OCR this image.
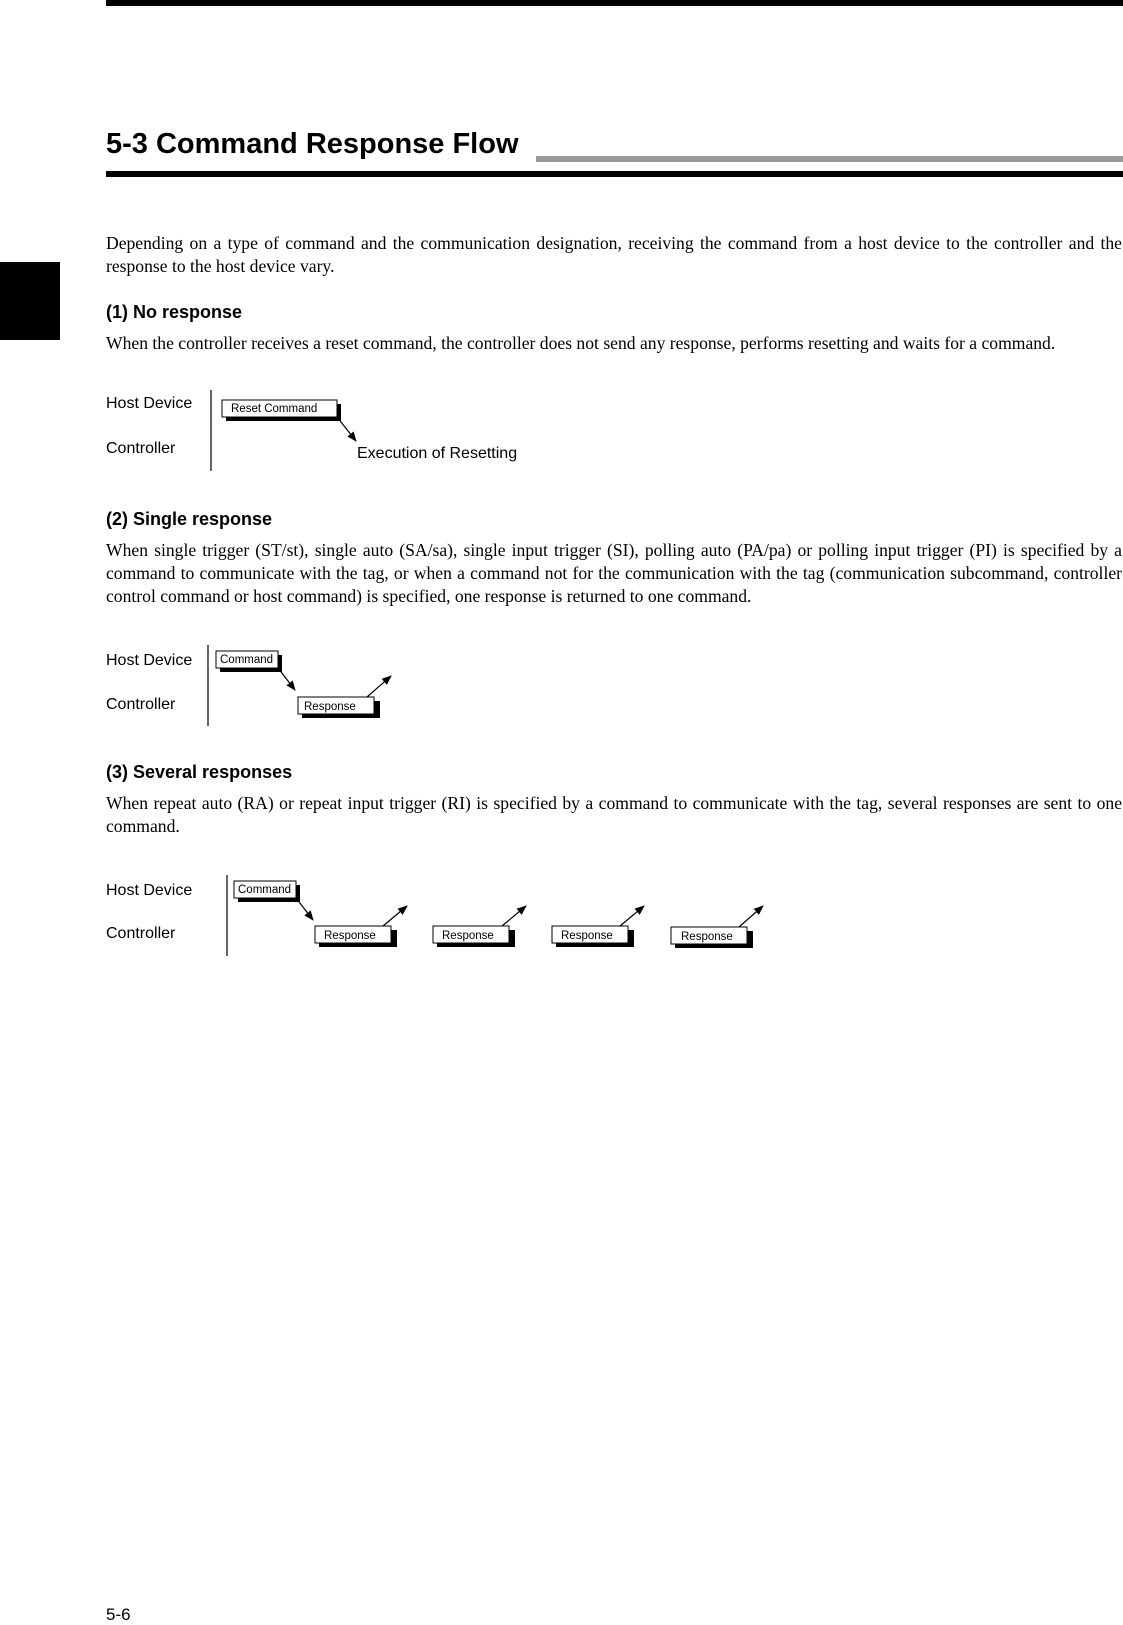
5-3 Command Response Flow

Depending on a type of command and the communication designation, receiving the command from a host device to the controller and the response to the host device vary.

(1) No response

When the controller receives a reset command, the controller does not send any response, performs resetting and waits for a command.

Host Device
Controller
Reset Command
Execution of Resetting
(2) Single response

When single trigger (ST/st), single auto (SA/sa), single input trigger (SI), polling auto (PA/pa) or polling input trigger (PI) is specified by a command to communicate with the tag, or when a command not for the communication with the tag (communication subcommand, controller control command or host command) is specified, one response is returned to one command.

Host Device
Controller
Command
Response
(3) Several responses

When repeat auto (RA) or repeat input trigger (RI) is specified by a command to communicate with the tag, several responses are sent to one command.

Host Device
Controller
Command
Response	Response	Response	Response
5-6
